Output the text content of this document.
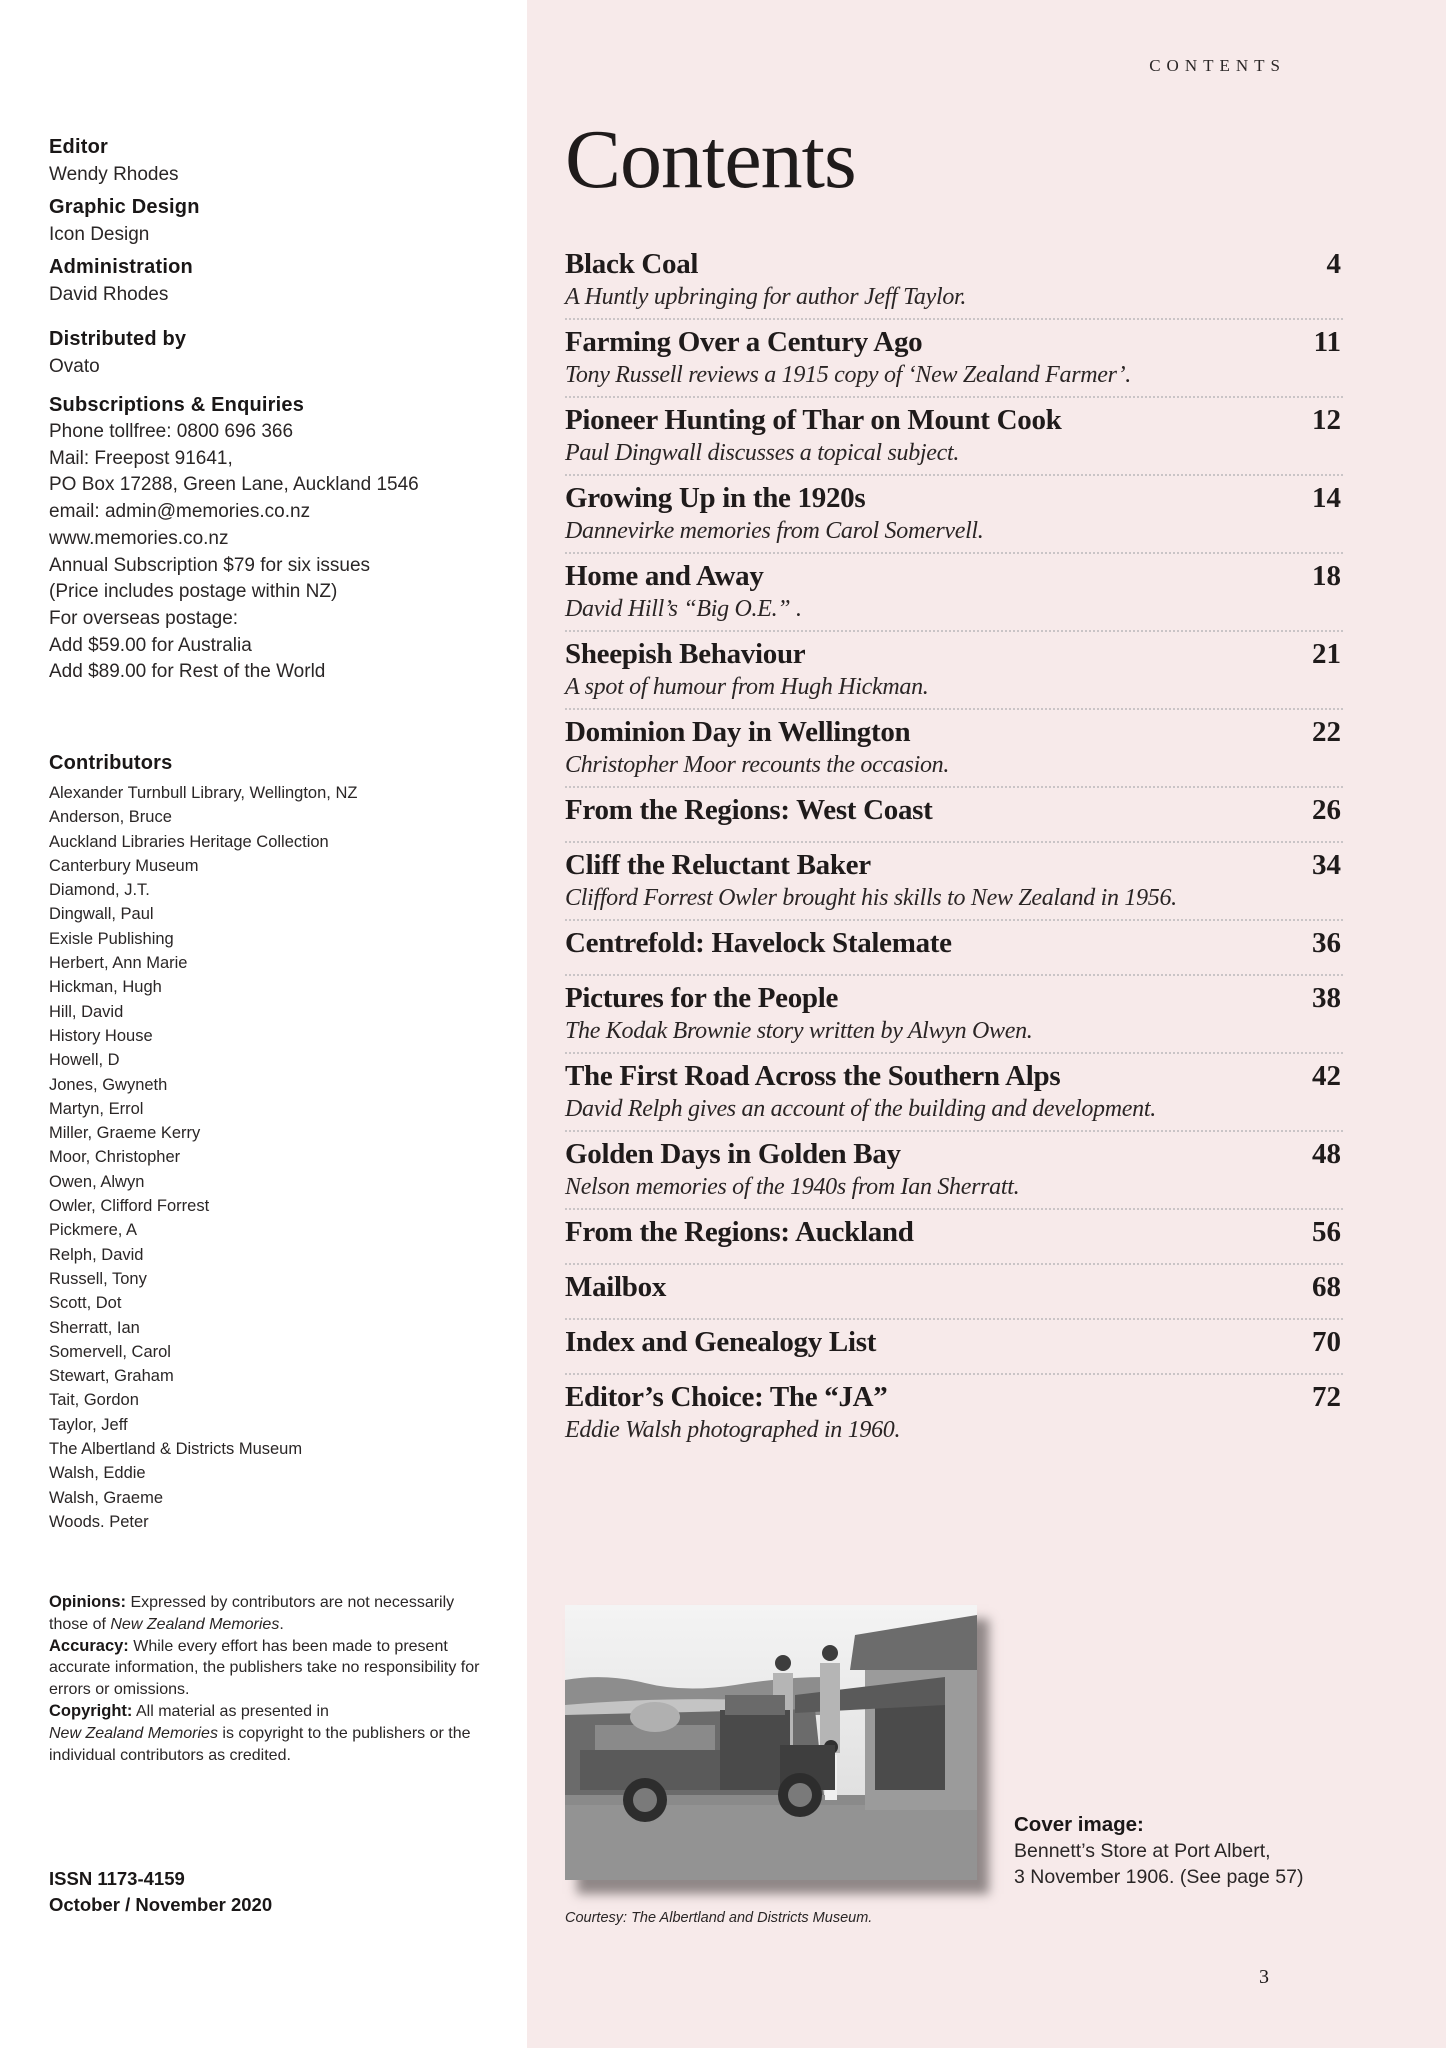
Editor
Wendy Rhodes
Graphic Design
Icon Design
Administration
David Rhodes
Distributed by
Ovato
Subscriptions & Enquiries
Phone tollfree: 0800 696 366
Mail: Freepost 91641,
PO Box 17288, Green Lane, Auckland 1546
email: admin@memories.co.nz
www.memories.co.nz
Annual Subscription $79 for six issues
(Price includes postage within NZ)
For overseas postage:
Add $59.00 for Australia
Add $89.00 for Rest of the World
Contributors
Alexander Turnbull Library, Wellington, NZ
Anderson, Bruce
Auckland Libraries Heritage Collection
Canterbury Museum
Diamond, J.T.
Dingwall, Paul
Exisle Publishing
Herbert, Ann Marie
Hickman, Hugh
Hill, David
History House
Howell, D
Jones, Gwyneth
Martyn, Errol
Miller, Graeme Kerry
Moor, Christopher
Owen, Alwyn
Owler, Clifford Forrest
Pickmere, A
Relph, David
Russell, Tony
Scott, Dot
Sherratt, Ian
Somervell, Carol
Stewart, Graham
Tait, Gordon
Taylor, Jeff
The Albertland & Districts Museum
Walsh, Eddie
Walsh, Graeme
Woods. Peter
Opinions: Expressed by contributors are not necessarily those of New Zealand Memories.
Accuracy: While every effort has been made to present accurate information, the publishers take no responsibility for errors or omissions.
Copyright: All material as presented in
New Zealand Memories is copyright to the publishers or the individual contributors as credited.
ISSN 1173-4159
October / November 2020
CONTENTS
Contents
Black Coal	4
A Huntly upbringing for author Jeff Taylor.
Farming Over a Century Ago	11
Tony Russell reviews a 1915 copy of ‘New Zealand Farmer’.
Pioneer Hunting of Thar on Mount Cook	12
Paul Dingwall discusses a topical subject.
Growing Up in the 1920s	14
Dannevirke memories from Carol Somervell.
Home and Away	18
David Hill’s “Big O.E.” .
Sheepish Behaviour	21
A spot of humour from Hugh Hickman.
Dominion Day in Wellington	22
Christopher Moor recounts the occasion.
From the Regions: West Coast	26
Cliff the Reluctant Baker	34
Clifford Forrest Owler brought his skills to New Zealand in 1956.
Centrefold: Havelock Stalemate	36
Pictures for the People	38
The Kodak Brownie story written by Alwyn Owen.
The First Road Across the Southern Alps	42
David Relph gives an account of the building and development.
Golden Days in Golden Bay	48
Nelson memories of the 1940s from Ian Sherratt.
From the Regions: Auckland	56
Mailbox	68
Index and Genealogy List	70
Editor’s Choice: The “JA”	72
Eddie Walsh photographed in 1960.
Courtesy: The Albertland and Districts Museum.
Cover image:
Bennett’s Store at Port Albert,
3 November 1906. (See page 57)
3
